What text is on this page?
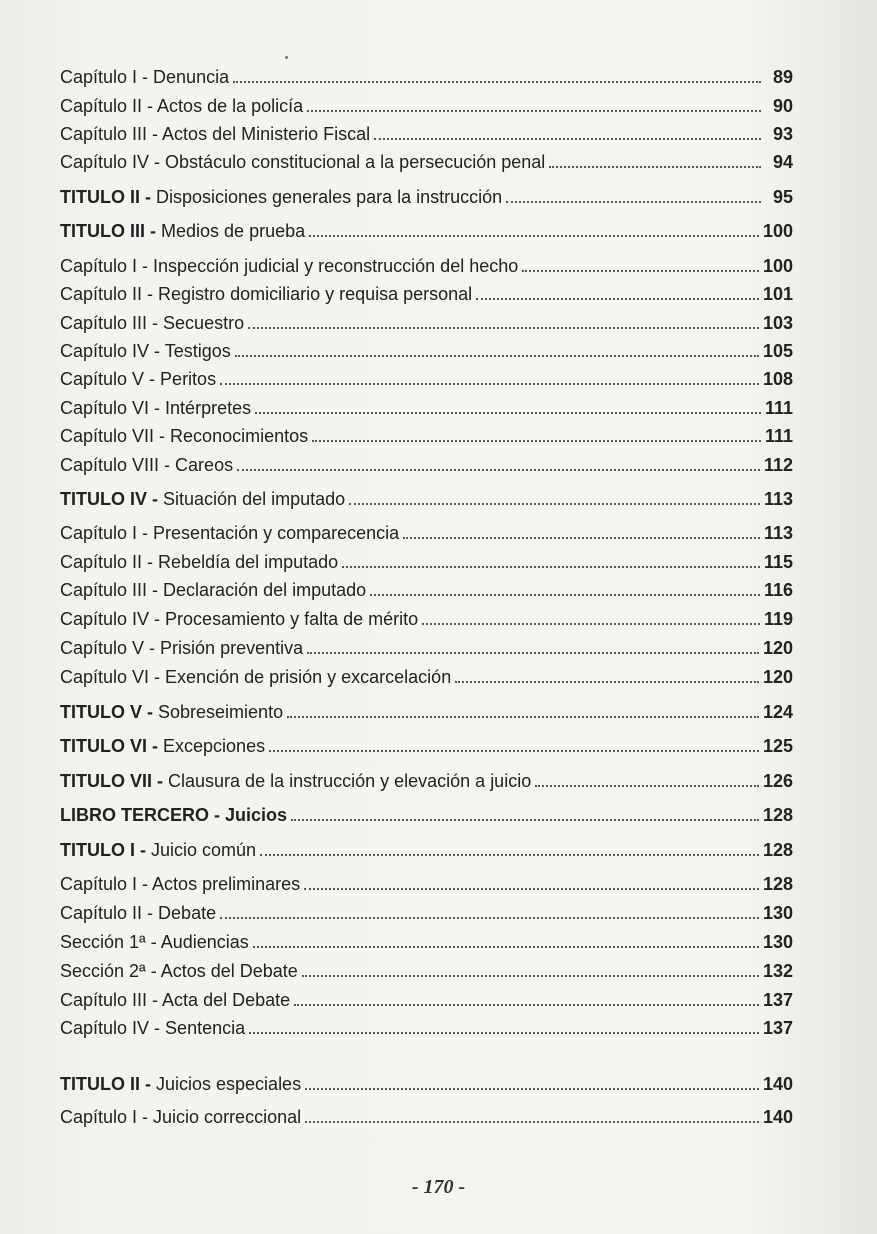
Capítulo I - Denuncia	89
Capítulo II - Actos de la policía	90
Capítulo III - Actos del Ministerio Fiscal	93
Capítulo IV - Obstáculo constitucional a la persecución penal	94
TITULO II - Disposiciones generales para la instrucción	95
TITULO III - Medios de prueba	100
Capítulo I - Inspección judicial y reconstrucción del hecho	100
Capítulo II - Registro domiciliario y requisa personal	101
Capítulo III - Secuestro	103
Capítulo IV - Testigos	105
Capítulo V - Peritos	108
Capítulo VI - Intérpretes	111
Capítulo VII - Reconocimientos	111
Capítulo VIII - Careos	112
TITULO IV - Situación del imputado	113
Capítulo I - Presentación y comparecencia	113
Capítulo II - Rebeldía del imputado	115
Capítulo III - Declaración del imputado	116
Capítulo IV - Procesamiento y falta de mérito	119
Capítulo V - Prisión preventiva	120
Capítulo VI - Exención de prisión y excarcelación	120
TITULO V - Sobreseimiento	124
TITULO VI - Excepciones	125
TITULO VII - Clausura de la instrucción y elevación a juicio	126
LIBRO TERCERO - Juicios	128
TITULO I - Juicio común	128
Capítulo I - Actos preliminares	128
Capítulo II - Debate	130
Sección 1ª - Audiencias	130
Sección 2ª - Actos del Debate	132
Capítulo III - Acta del Debate	137
Capítulo IV - Sentencia	137
TITULO II - Juicios especiales	140
Capítulo I - Juicio correccional	140
- 170 -
